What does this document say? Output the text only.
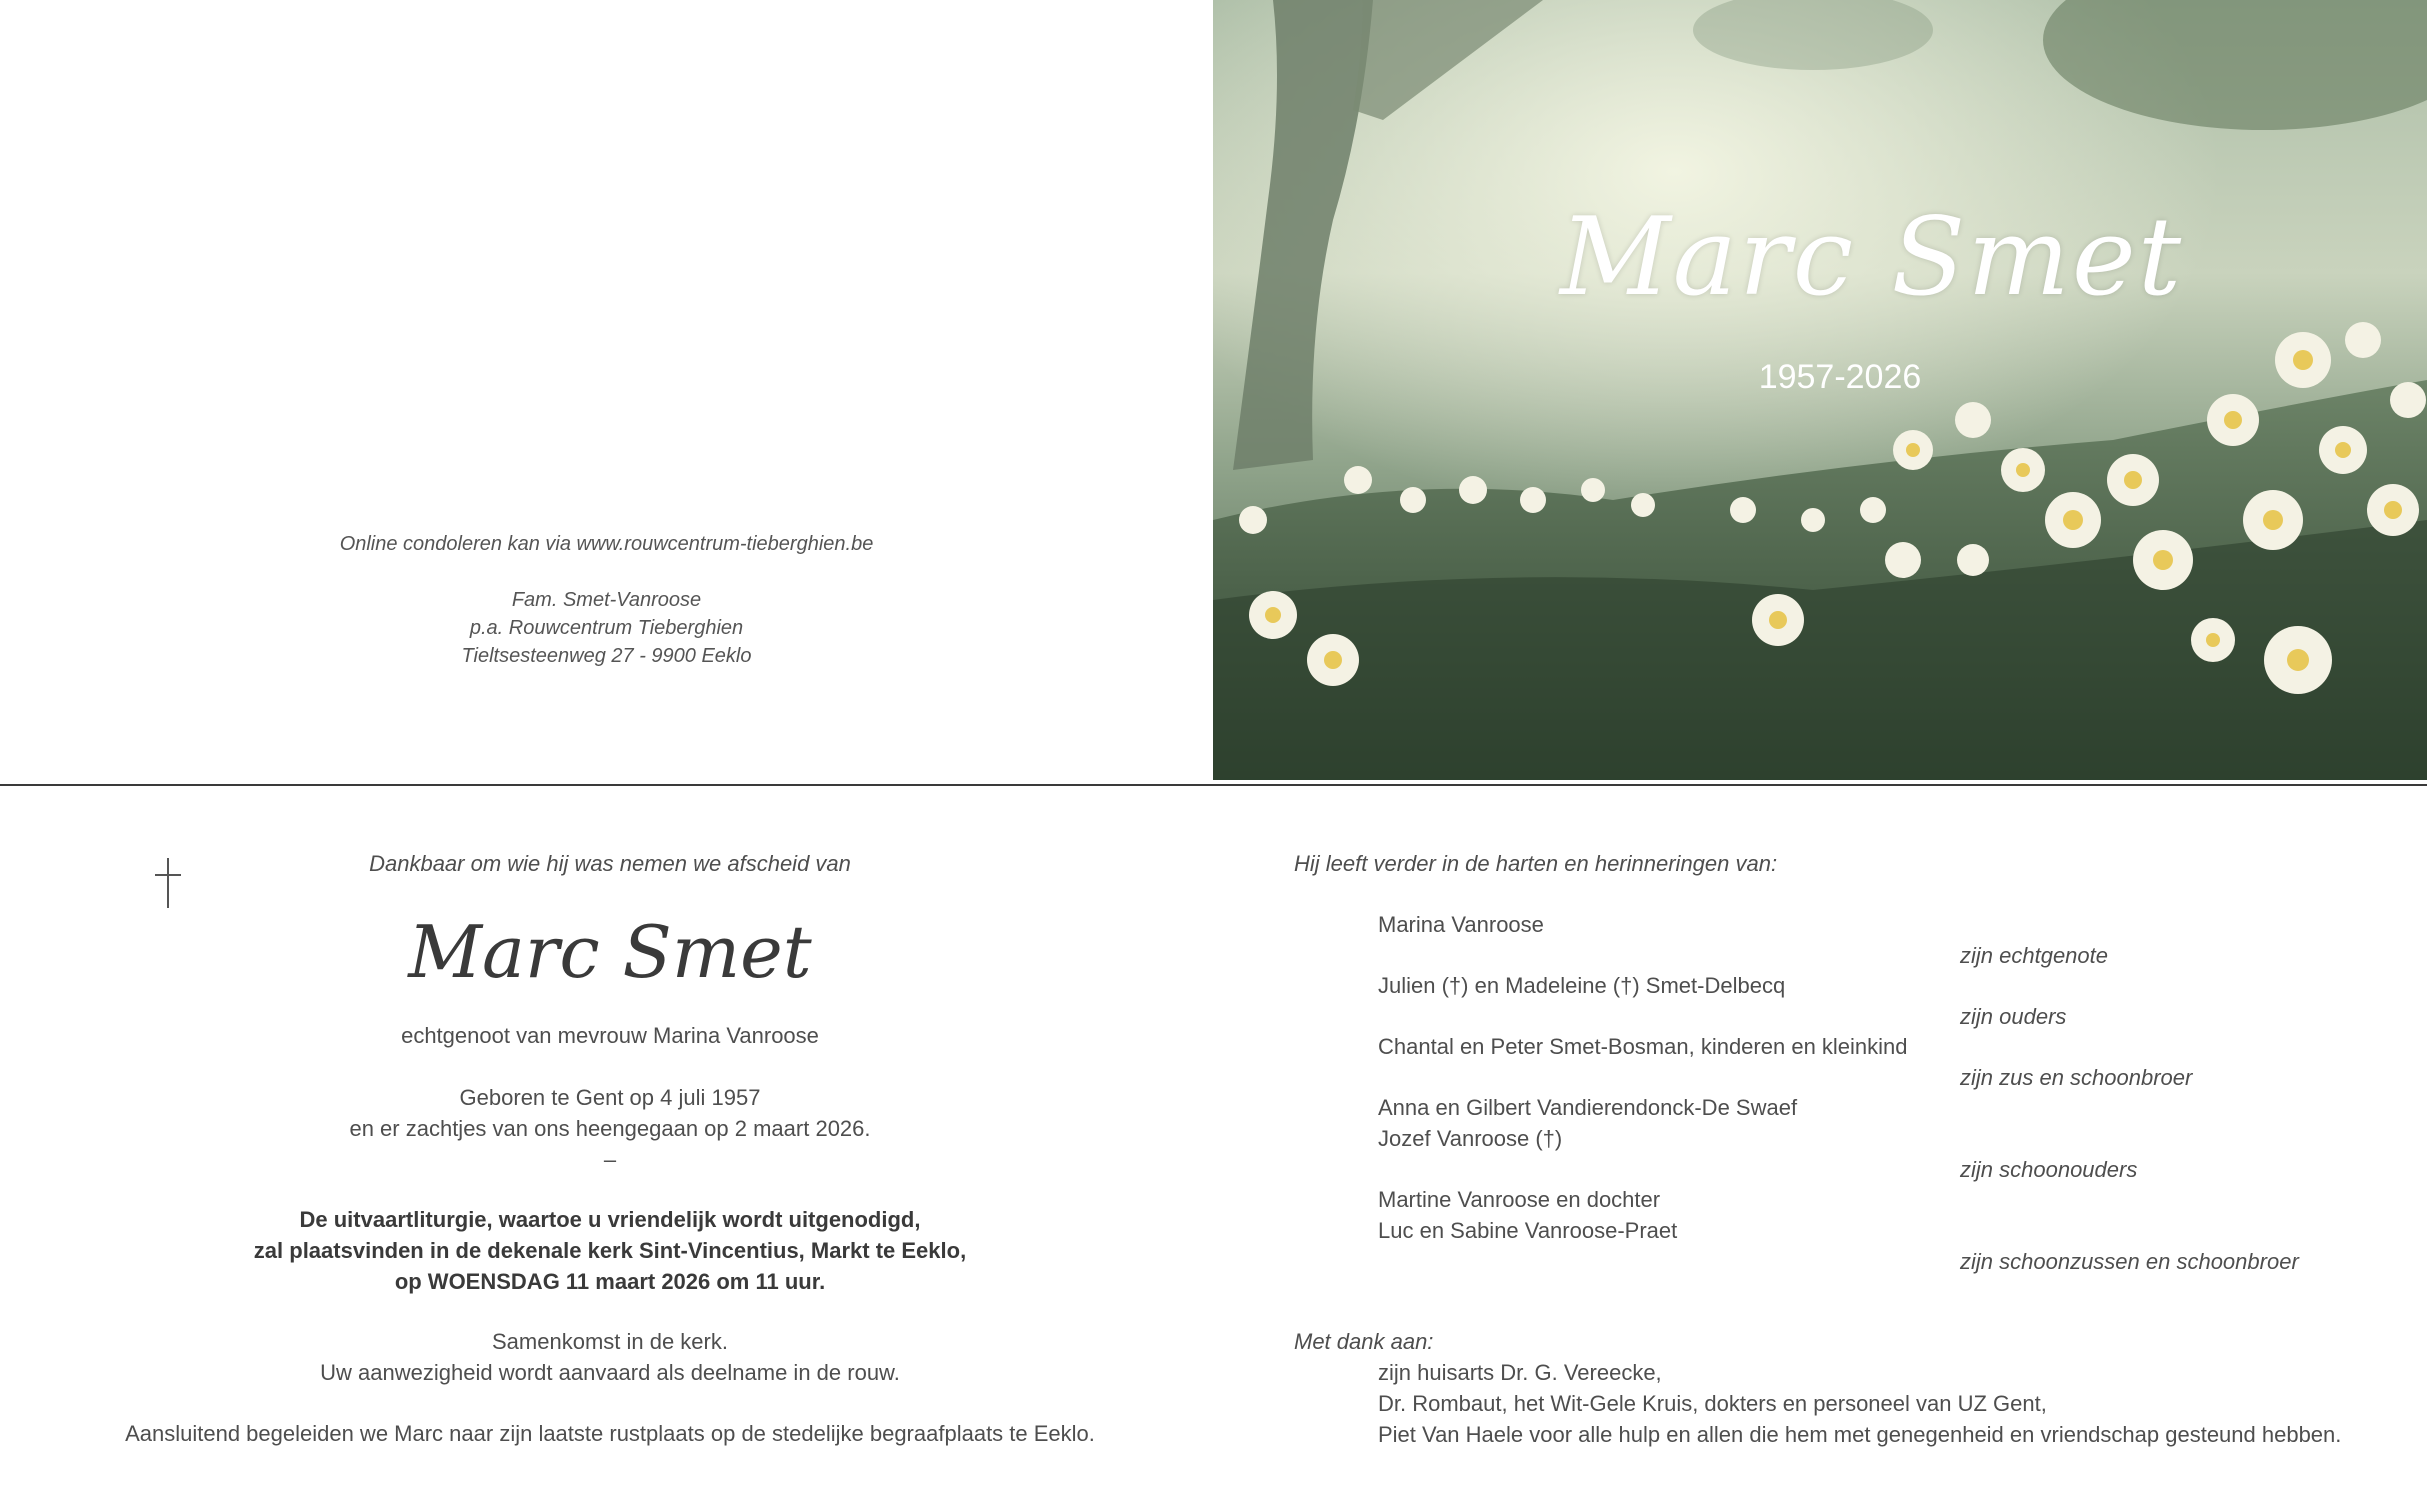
Online condoleren kan via www.rouwcentrum-tieberghien.be
Fam. Smet-Vanroose
p.a. Rouwcentrum Tieberghien
Tieltsesteenweg 27 - 9900 Eeklo
Marc Smet
1957-2026
Dankbaar om wie hij was nemen we afscheid van
Marc Smet
echtgenoot van mevrouw Marina Vanroose
Geboren te Gent op 4 juli 1957
en er zachtjes van ons heengegaan op 2 maart 2026.
–
De uitvaartliturgie, waartoe u vriendelijk wordt uitgenodigd,
zal plaatsvinden in de dekenale kerk Sint-Vincentius, Markt te Eeklo,
op WOENSDAG 11 maart 2026 om 11 uur.
Samenkomst in de kerk.
Uw aanwezigheid wordt aanvaard als deelname in de rouw.
Aansluitend begeleiden we Marc naar zijn laatste rustplaats op de stedelijke begraafplaats te Eeklo.
Hij leeft verder in de harten en herinneringen van:
Marina Vanroose
Julien (†) en Madeleine (†) Smet-Delbecq
Chantal en Peter Smet-Bosman, kinderen en kleinkind
Anna en Gilbert Vandierendonck-De Swaef
Jozef Vanroose (†)
Martine Vanroose en dochter
Luc en Sabine Vanroose-Praet
zijn echtgenote
zijn ouders
zijn zus en schoonbroer
zijn schoonouders
zijn schoonzussen en schoonbroer
Met dank aan:
zijn huisarts Dr. G. Vereecke,
Dr. Rombaut, het Wit-Gele Kruis, dokters en personeel van UZ Gent,
Piet Van Haele voor alle hulp en allen die hem met genegenheid en vriendschap gesteund hebben.
